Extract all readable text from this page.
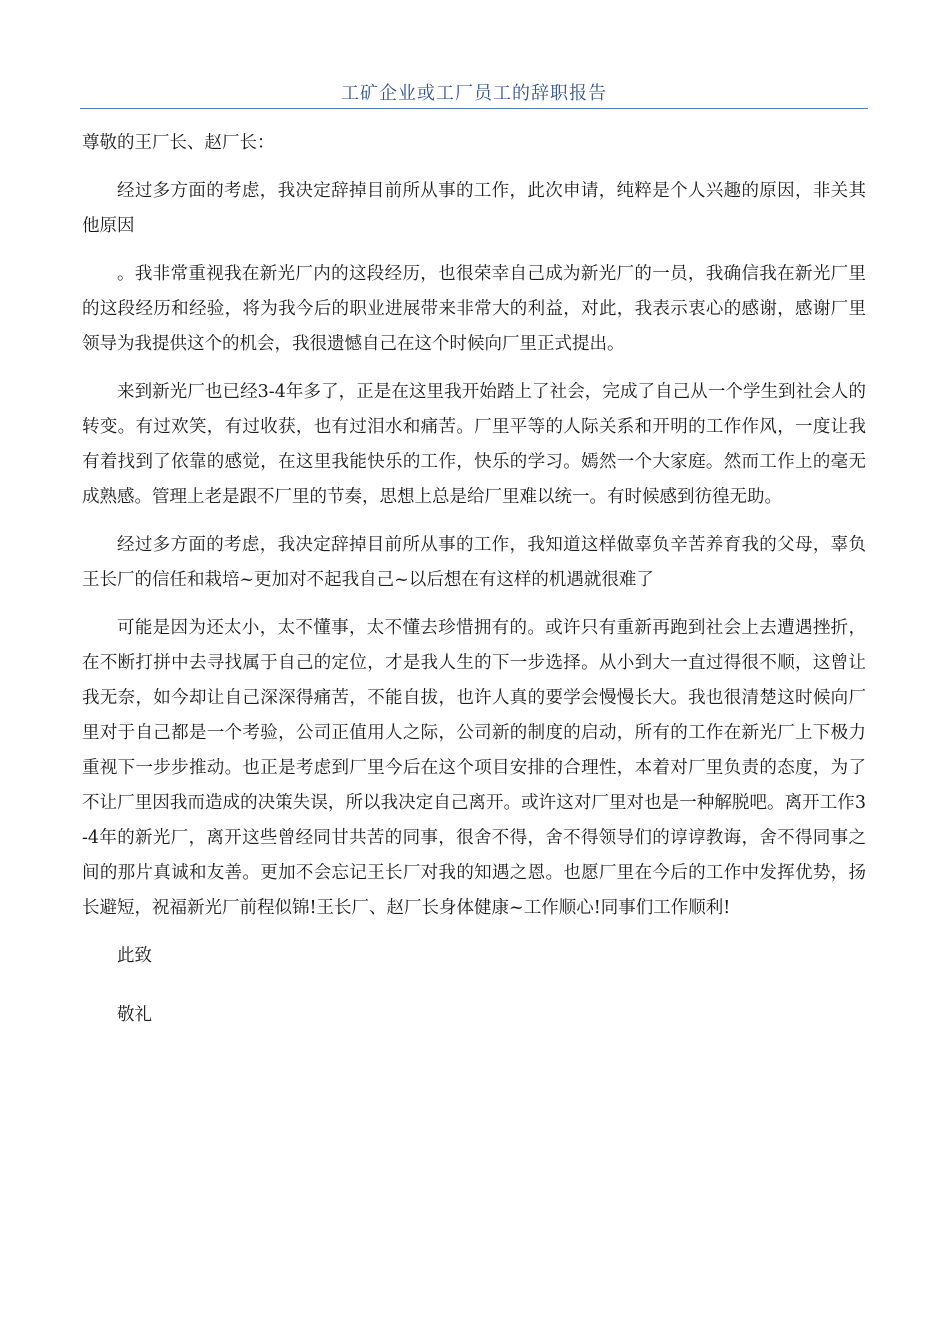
工矿企业或工厂员工的辞职报告

尊敬的王厂长、赵厂长：

经过多方面的考虑，我决定辞掉目前所从事的工作，此次申请，纯粹是个人兴趣的原因，非关其他原因

。我非常重视我在新光厂内的这段经历，也很荣幸自己成为新光厂的一员，我确信我在新光厂里的这段经历和经验，将为我今后的职业进展带来非常大的利益，对此，我表示衷心的感谢，感谢厂里领导为我提供这个的机会，我很遗憾自己在这个时候向厂里正式提出。

来到新光厂也已经3-4年多了，正是在这里我开始踏上了社会，完成了自己从一个学生到社会人的转变。有过欢笑，有过收获，也有过泪水和痛苦。厂里平等的人际关系和开明的工作作风，一度让我有着找到了依靠的感觉，在这里我能快乐的工作，快乐的学习。嫣然一个大家庭。然而工作上的毫无成熟感。管理上老是跟不厂里的节奏，思想上总是给厂里难以统一。有时候感到彷徨无助。

经过多方面的考虑，我决定辞掉目前所从事的工作，我知道这样做辜负辛苦养育我的父母，辜负王长厂的信任和栽培~更加对不起我自己~以后想在有这样的机遇就很难了

可能是因为还太小，太不懂事，太不懂去珍惜拥有的。或许只有重新再跑到社会上去遭遇挫折，在不断打拼中去寻找属于自己的定位，才是我人生的下一步选择。从小到大一直过得很不顺，这曾让我无奈，如今却让自己深深得痛苦，不能自拔，也许人真的要学会慢慢长大。我也很清楚这时候向厂里对于自己都是一个考验，公司正值用人之际，公司新的制度的启动，所有的工作在新光厂上下极力重视下一步步推动。也正是考虑到厂里今后在这个项目安排的合理性，本着对厂里负责的态度，为了不让厂里因我而造成的决策失误，所以我决定自己离开。或许这对厂里对也是一种解脱吧。离开工作3-4年的新光厂，离开这些曾经同甘共苦的同事，很舍不得，舍不得领导们的谆谆教诲，舍不得同事之间的那片真诚和友善。更加不会忘记王长厂对我的知遇之恩。也愿厂里在今后的工作中发挥优势，扬长避短，祝福新光厂前程似锦!王长厂、赵厂长身体健康~工作顺心!同事们工作顺利!

此致

敬礼
